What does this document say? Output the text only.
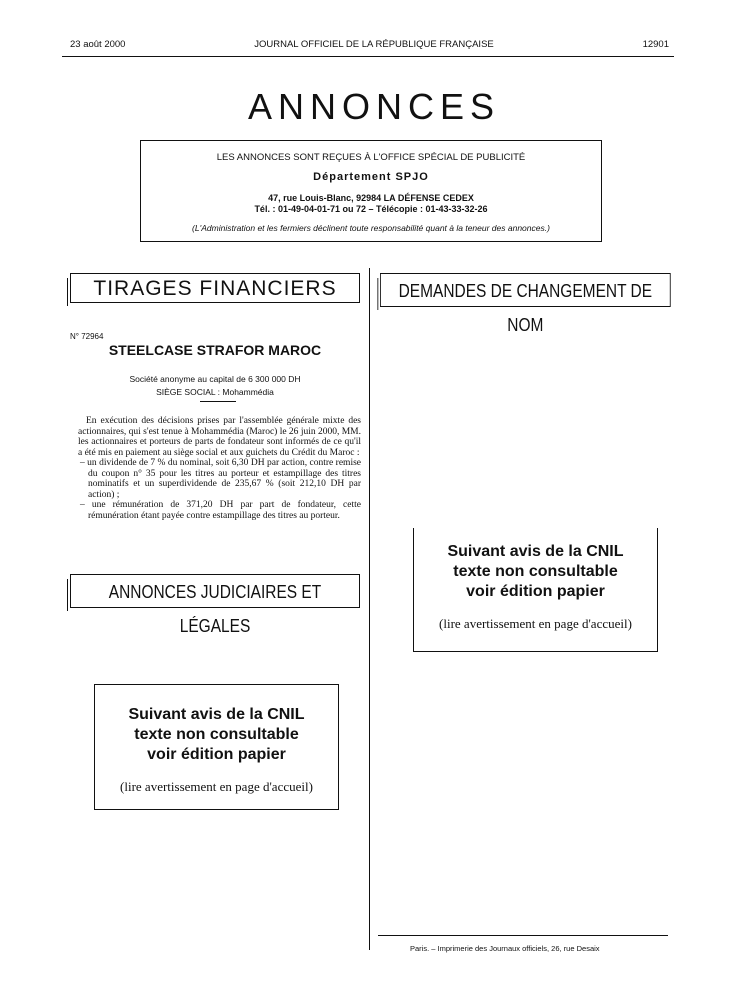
23 août 2000	JOURNAL OFFICIEL DE LA RÉPUBLIQUE FRANÇAISE	12901
ANNONCES
LES ANNONCES SONT REÇUES À L'OFFICE SPÉCIAL DE PUBLICITÉ
Département SPJO
47, rue Louis-Blanc, 92984 LA DÉFENSE CEDEX
Tél. : 01-49-04-01-71 ou 72 – Télécopie : 01-43-33-32-26
(L'Administration et les fermiers déclinent toute responsabilité quant à la teneur des annonces.)
TIRAGES FINANCIERS	DEMANDES DE CHANGEMENT DE NOM
ANNONCES JUDICIAIRES ET LÉGALES
N° 72964
STEELCASE STRAFOR MAROC
Société anonyme au capital de 6 300 000 DH
SIÈGE SOCIAL : Mohammédia

En exécution des décisions prises par l'assemblée générale mixte des actionnaires, qui s'est tenue à Mohammédia (Maroc) le 26 juin 2000, MM. les actionnaires et porteurs de parts de fondateur sont informés de ce qu'il a été mis en paiement au siège social et aux guichets du Crédit du Maroc :

– un dividende de 7 % du nominal, soit 6,30 DH par action, contre remise du coupon n° 35 pour les titres au porteur et estampillage des titres nominatifs et un superdividende de 235,67 % (soit 212,10 DH par action) ;

– une rémunération de 371,20 DH par part de fondateur, cette rémunération étant payée contre estampillage des titres au porteur.

Suivant avis de la CNIL
texte non consultable
voir édition papier
(lire avertissement en page d'accueil)
Suivant avis de la CNIL
texte non consultable
voir édition papier
(lire avertissement en page d'accueil)
Paris. – Imprimerie des Journaux officiels, 26, rue Desaix
